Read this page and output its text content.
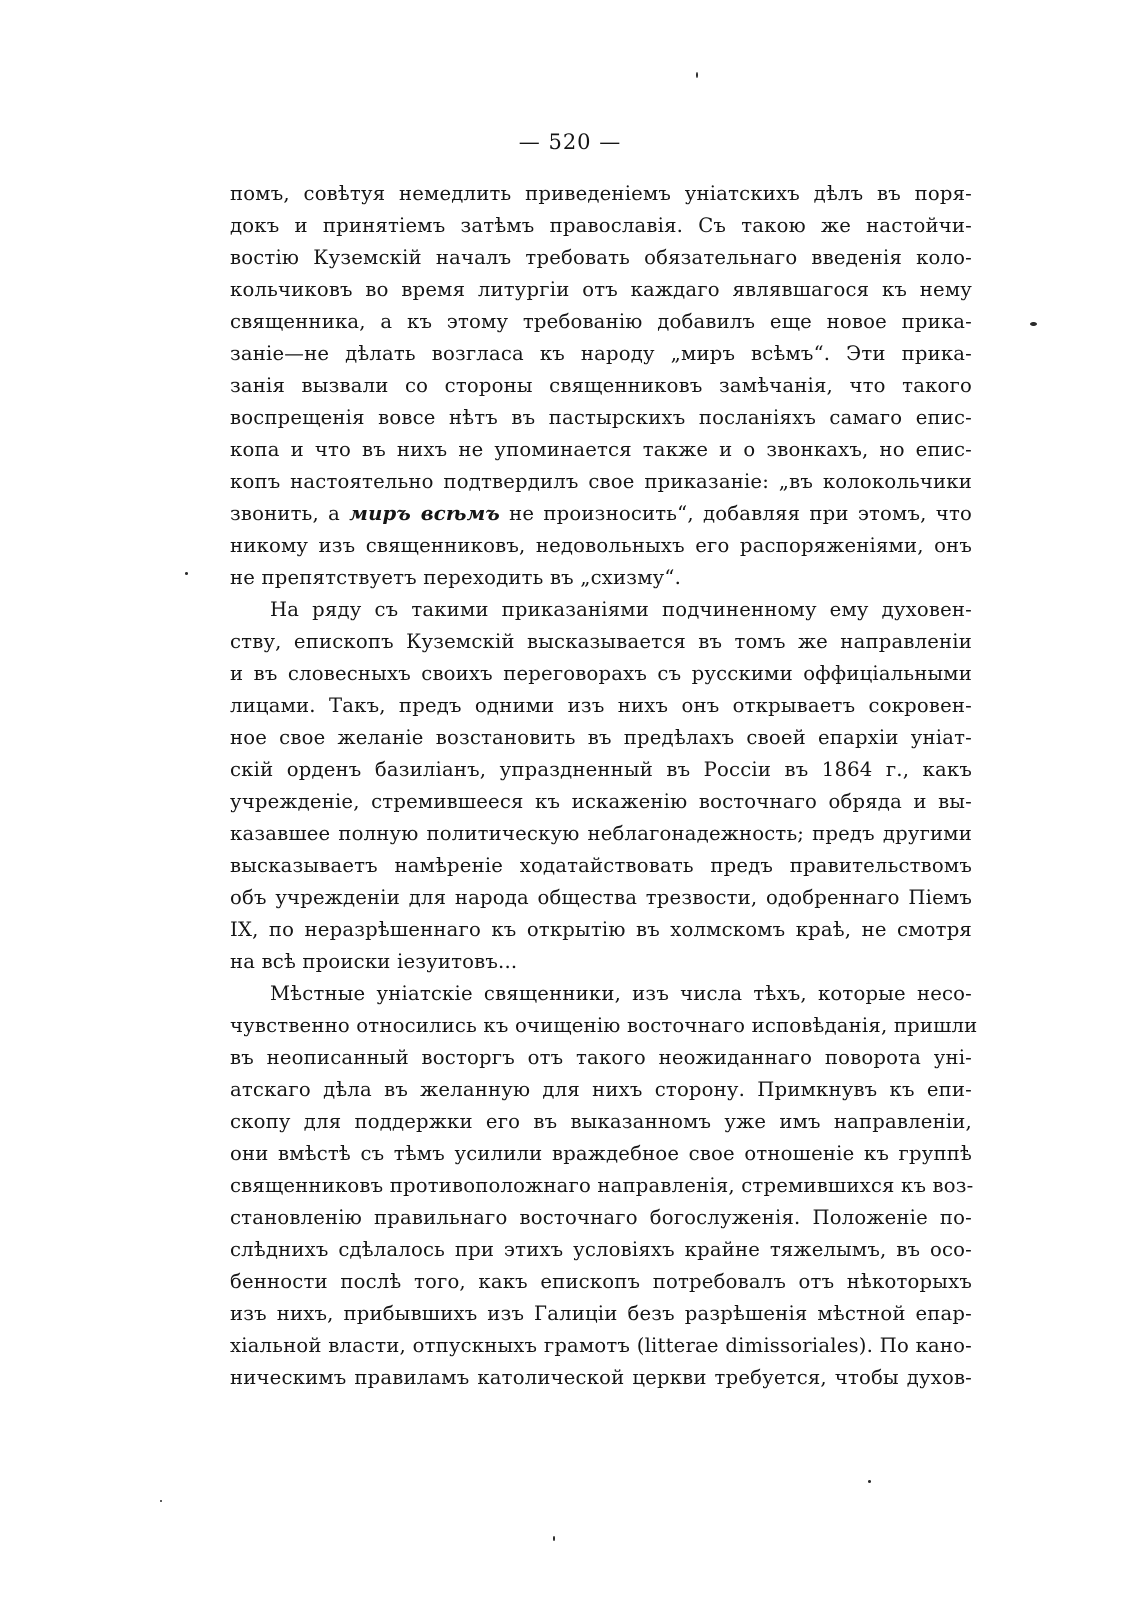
— 520 —
помъ, совѣтуя немедлить приведеніемъ уніатскихъ дѣлъ въ поря-
докъ и принятіемъ затѣмъ православія. Съ такою же настойчи-
востію Куземскій началъ требовать обязательнаго введенія коло-
кольчиковъ во время литургіи отъ каждаго являвшагося къ нему
священника, а къ этому требованію добавилъ еще новое прика-
заніе—не дѣлать возгласа къ народу „миръ всѣмъ“. Эти прика-
занія вызвали со стороны священниковъ замѣчанія, что такого
воспрещенія вовсе нѣтъ въ пастырскихъ посланіяхъ самаго епис-
копа и что въ нихъ не упоминается также и о звонкахъ, но епис-
копъ настоятельно подтвердилъ свое приказаніе: „въ колокольчики
звонить, а миръ всѣмъ не произносить“, добавляя при этомъ, что
никому изъ священниковъ, недовольныхъ его распоряженіями, онъ
не препятствуетъ переходить въ „схизму“.
На ряду съ такими приказаніями подчиненному ему духовен-
ству, епископъ Куземскій высказывается въ томъ же направленіи
и въ словесныхъ своихъ переговорахъ съ русскими оффиціальными
лицами. Такъ, предъ одними изъ нихъ онъ открываетъ сокровен-
ное свое желаніе возстановить въ предѣлахъ своей епархіи уніат-
скій орденъ базиліанъ, упраздненный въ Россіи въ 1864 г., какъ
учрежденіе, стремившееся къ искаженію восточнаго обряда и вы-
казавшее полную политическую неблагонадежность; предъ другими
высказываетъ намѣреніе ходатайствовать предъ правительствомъ
объ учрежденіи для народа общества трезвости, одобреннаго Піемъ
IX, по неразрѣшеннаго къ открытію въ холмскомъ краѣ, не смотря
на всѣ происки іезуитовъ...
Мѣстные уніатскіе священники, изъ числа тѣхъ, которые несо-
чувственно относились къ очищенію восточнаго исповѣданія, пришли
въ неописанный восторгъ отъ такого неожиданнаго поворота уні-
атскаго дѣла въ желанную для нихъ сторону. Примкнувъ къ епи-
скопу для поддержки его въ выказанномъ уже имъ направленіи,
они вмѣстѣ съ тѣмъ усилили враждебное свое отношеніе къ группѣ
священниковъ противоположнаго направленія, стремившихся къ воз-
становленію правильнаго восточнаго богослуженія. Положеніе по-
слѣднихъ сдѣлалось при этихъ условіяхъ крайне тяжелымъ, въ осо-
бенности послѣ того, какъ епископъ потребовалъ отъ нѣкоторыхъ
изъ нихъ, прибывшихъ изъ Галиціи безъ разрѣшенія мѣстной епар-
хіальной власти, отпускныхъ грамотъ (litterae dimissoriales). По кано-
ническимъ правиламъ католической церкви требуется, чтобы духов-
